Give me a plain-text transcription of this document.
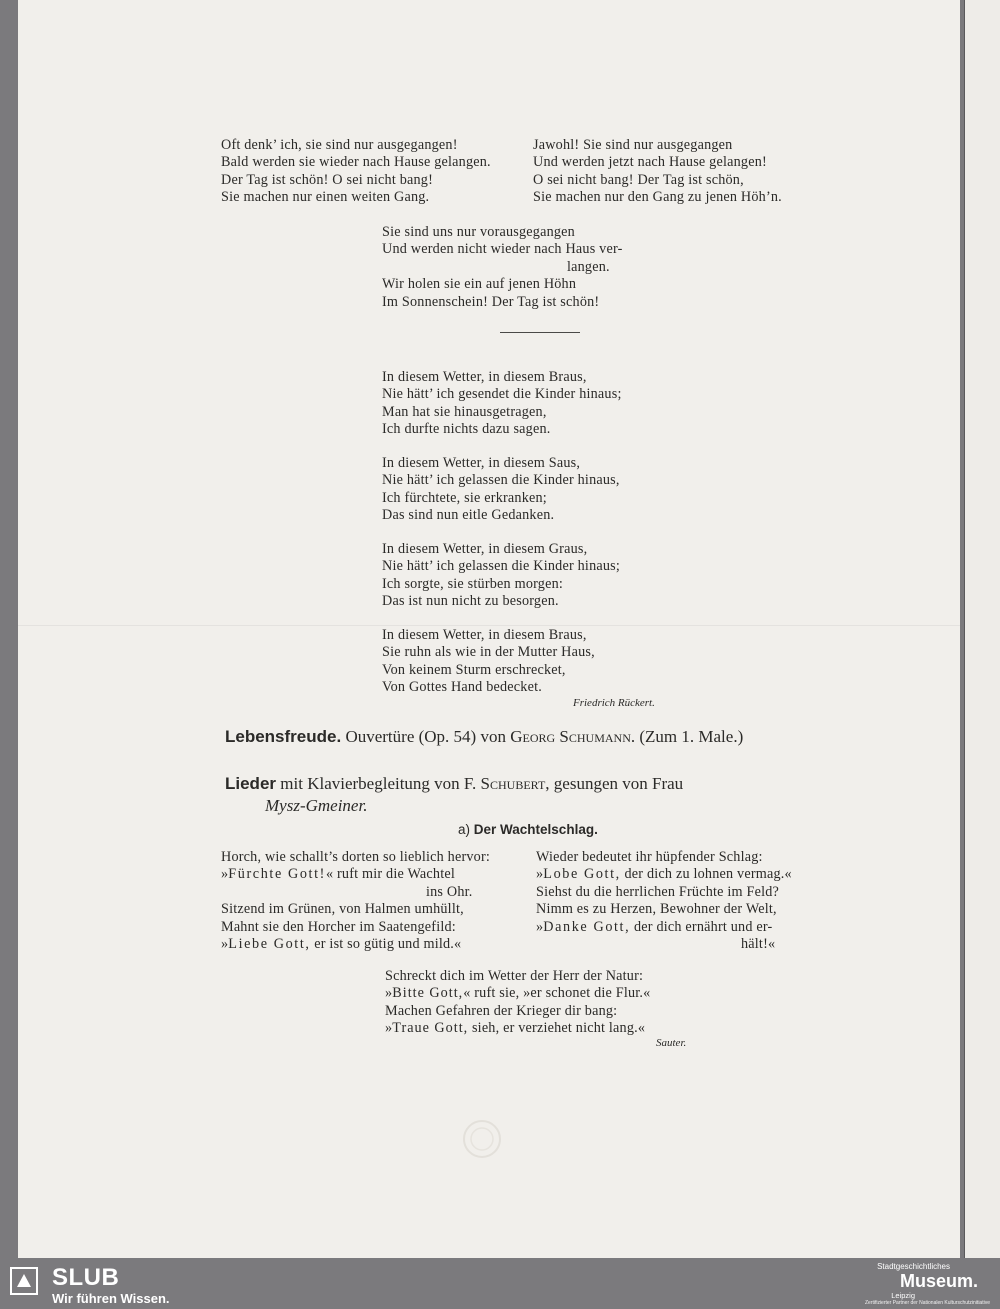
Oft denk’ ich, sie sind nur ausgegangen!
Bald werden sie wieder nach Hause gelangen.
Der Tag ist schön! O sei nicht bang!
Sie machen nur einen weiten Gang.
Jawohl! Sie sind nur ausgegangen
Und werden jetzt nach Hause gelangen!
O sei nicht bang! Der Tag ist schön,
Sie machen nur den Gang zu jenen Höh’n.
Sie sind uns nur vorausgegangen
Und werden nicht wieder nach Haus ver-
langen.
Wir holen sie ein auf jenen Höhn
Im Sonnenschein! Der Tag ist schön!
In diesem Wetter, in diesem Braus,
Nie hätt’ ich gesendet die Kinder hinaus;
Man hat sie hinausgetragen,
Ich durfte nichts dazu sagen.
In diesem Wetter, in diesem Saus,
Nie hätt’ ich gelassen die Kinder hinaus,
Ich fürchtete, sie erkranken;
Das sind nun eitle Gedanken.
In diesem Wetter, in diesem Graus,
Nie hätt’ ich gelassen die Kinder hinaus;
Ich sorgte, sie stürben morgen:
Das ist nun nicht zu besorgen.
In diesem Wetter, in diesem Braus,
Sie ruhn als wie in der Mutter Haus,
Von keinem Sturm erschrecket,
Von Gottes Hand bedecket.
Friedrich Rückert.
Lebensfreude. Ouvertüre (Op. 54) von Georg Schumann. (Zum 1. Male.)
Lieder mit Klavierbegleitung von F. Schubert, gesungen von Frau
Mysz-Gmeiner.
a) Der Wachtelschlag.
Horch, wie schallt’s dorten so lieblich hervor:
»Fürchte Gott!« ruft mir die Wachtel
ins Ohr.
Sitzend im Grünen, von Halmen umhüllt,
Mahnt sie den Horcher im Saatengefild:
»Liebe Gott, er ist so gütig und mild.«
Wieder bedeutet ihr hüpfender Schlag:
»Lobe Gott, der dich zu lohnen vermag.«
Siehst du die herrlichen Früchte im Feld?
Nimm es zu Herzen, Bewohner der Welt,
»Danke Gott, der dich ernährt und er-
hält!«
Schreckt dich im Wetter der Herr der Natur:
»Bitte Gott,« ruft sie, »er schonet die Flur.«
Machen Gefahren der Krieger dir bang:
»Traue Gott, sieh, er verziehet nicht lang.«
Sauter.
SLUB
Wir führen Wissen.
Stadtgeschichtliches
Museum.
Leipzig
Zertifizierter Partner der Nationalen Kulturschutzinitiative
